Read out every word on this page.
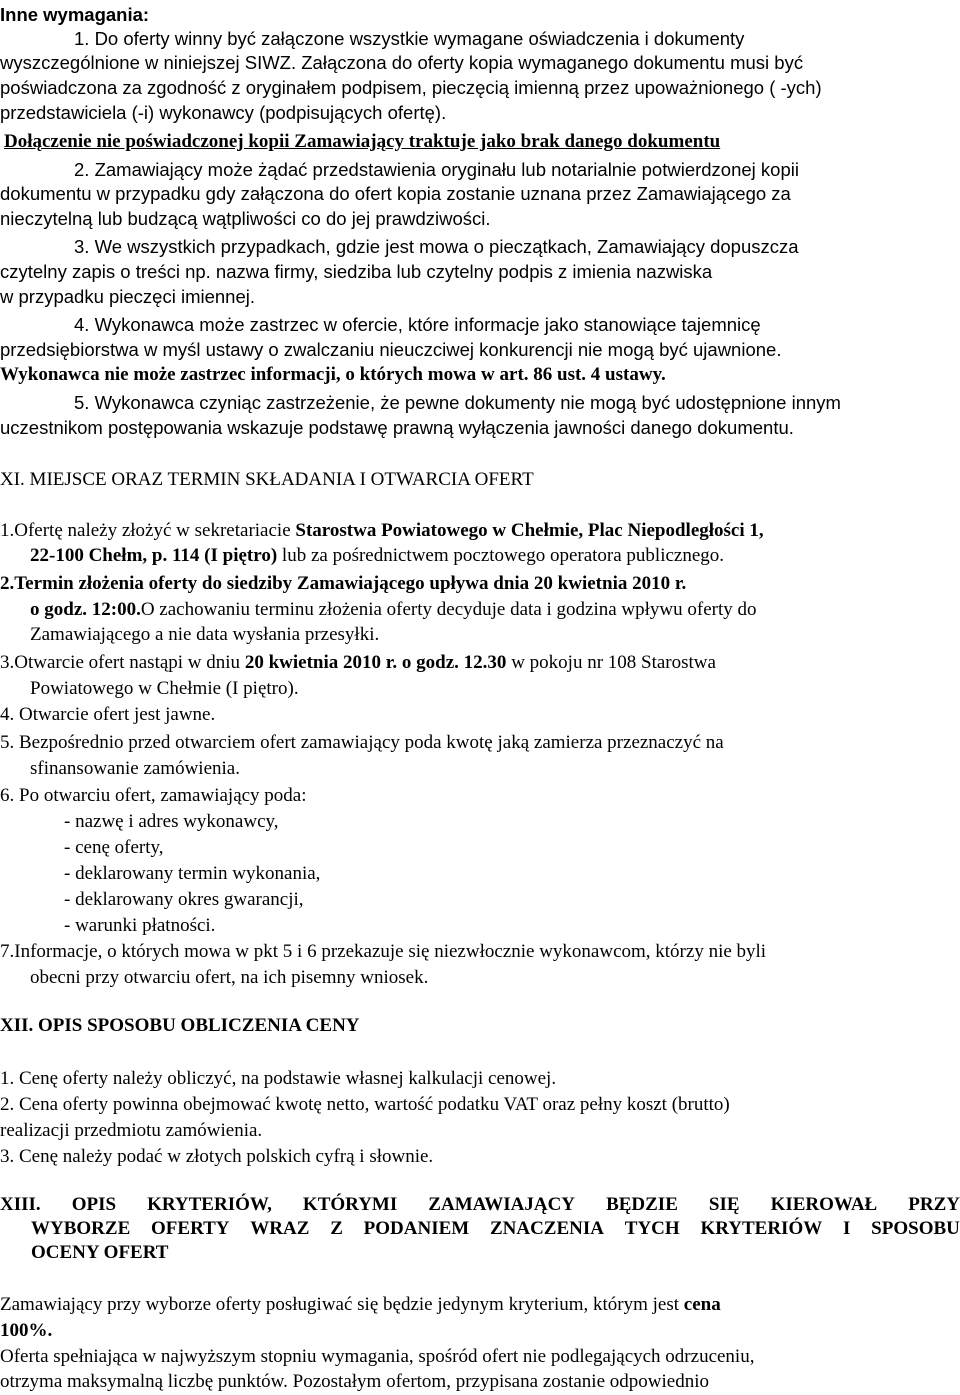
Inne wymagania:
1. Do oferty winny być załączone wszystkie wymagane oświadczenia i dokumenty
wyszczególnione w niniejszej SIWZ. Załączona do oferty kopia wymaganego dokumentu musi być
poświadczona za zgodność z oryginałem podpisem, pieczęcią imienną przez upoważnionego ( -ych)
przedstawiciela (-i) wykonawcy (podpisujących ofertę).
Dołączenie nie poświadczonej kopii Zamawiający traktuje jako brak danego dokumentu
2. Zamawiający może żądać przedstawienia oryginału lub notarialnie potwierdzonej kopii
dokumentu w przypadku gdy załączona do ofert kopia zostanie uznana przez Zamawiającego za
nieczytelną lub budzącą wątpliwości co do jej prawdziwości.
3. We wszystkich przypadkach, gdzie jest mowa o pieczątkach, Zamawiający dopuszcza
czytelny zapis o treści np. nazwa firmy, siedziba lub czytelny podpis z imienia nazwiska
w przypadku pieczęci imiennej.
4. Wykonawca może zastrzec w ofercie, które informacje jako stanowiące tajemnicę
przedsiębiorstwa w myśl ustawy o zwalczaniu nieuczciwej konkurencji nie mogą być ujawnione.
Wykonawca nie może zastrzec informacji, o których mowa w art. 86 ust. 4 ustawy.
5. Wykonawca czyniąc zastrzeżenie, że pewne dokumenty nie mogą być udostępnione innym
uczestnikom postępowania wskazuje podstawę prawną wyłączenia jawności danego dokumentu.
XI. MIEJSCE ORAZ TERMIN SKŁADANIA I OTWARCIA OFERT
1.Ofertę należy złożyć w sekretariacie Starostwa Powiatowego w Chełmie, Plac Niepodległości 1,
22-100 Chełm, p. 114 (I piętro) lub za pośrednictwem pocztowego operatora publicznego.
2.Termin złożenia oferty do siedziby Zamawiającego upływa dnia 20 kwietnia 2010 r.
o godz. 12:00.O zachowaniu terminu złożenia oferty decyduje data i godzina wpływu oferty do
Zamawiającego a nie data wysłania przesyłki.
3.Otwarcie ofert nastąpi w dniu 20 kwietnia 2010 r. o godz. 12.30 w pokoju nr 108 Starostwa
Powiatowego w Chełmie (I piętro).
4. Otwarcie ofert jest jawne.
5. Bezpośrednio przed otwarciem ofert zamawiający poda kwotę jaką zamierza przeznaczyć na
sfinansowanie zamówienia.
6. Po otwarciu ofert, zamawiający poda:
- nazwę i adres wykonawcy,
- cenę oferty,
- deklarowany termin wykonania,
- deklarowany okres gwarancji,
- warunki płatności.
7.Informacje, o których mowa w pkt 5 i 6 przekazuje się niezwłocznie wykonawcom, którzy nie byli
obecni przy otwarciu ofert, na ich pisemny wniosek.
XII. OPIS SPOSOBU OBLICZENIA CENY
1. Cenę oferty należy obliczyć, na podstawie własnej kalkulacji cenowej.
2. Cena oferty powinna obejmować kwotę netto, wartość podatku VAT oraz pełny koszt (brutto)
realizacji przedmiotu zamówienia.
3. Cenę należy podać w złotych polskich cyfrą i słownie.
XIII. OPIS KRYTERIÓW, KTÓRYMI ZAMAWIAJĄCY BĘDZIE SIĘ KIEROWAŁ PRZY
WYBORZE OFERTY WRAZ Z PODANIEM ZNACZENIA TYCH KRYTERIÓW I SPOSOBU
OCENY OFERT
Zamawiający przy wyborze oferty posługiwać się będzie jedynym kryterium, którym jest cena
100%.
Oferta spełniająca w najwyższym stopniu wymagania, spośród ofert nie podlegających odrzuceniu,
otrzyma maksymalną liczbę punktów. Pozostałym ofertom, przypisana zostanie odpowiednio
